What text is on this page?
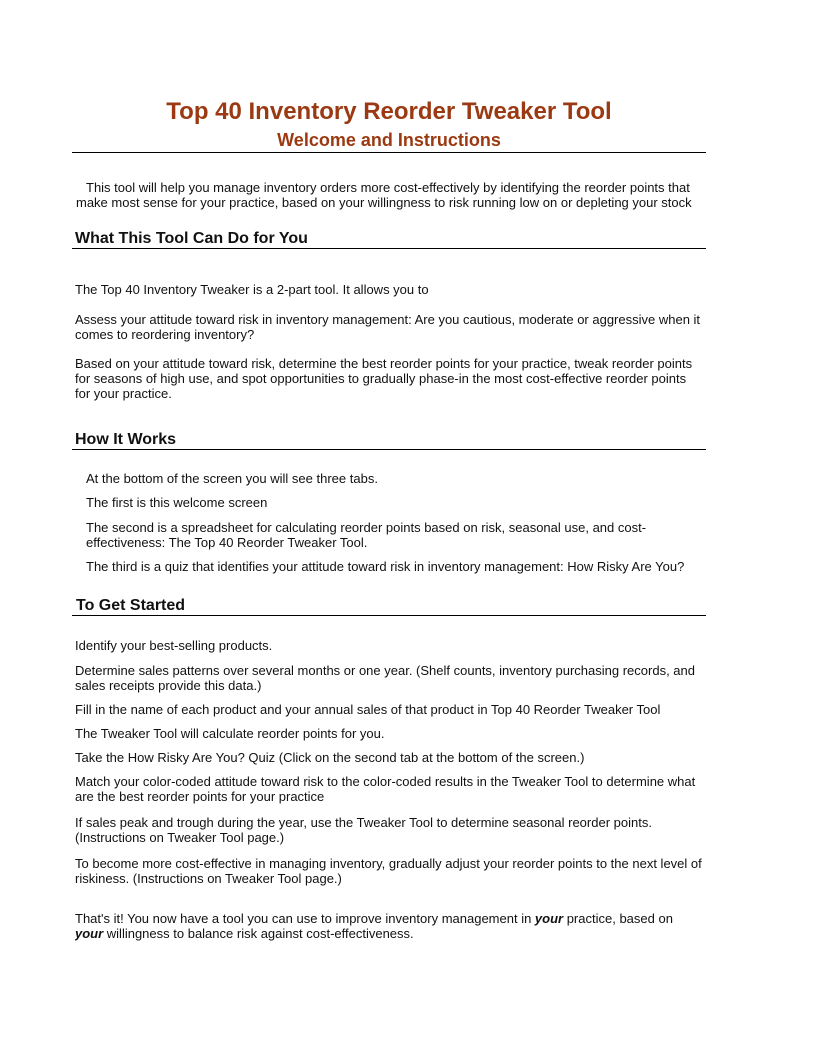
Top 40 Inventory Reorder Tweaker Tool
Welcome and Instructions
This tool will help you manage inventory orders more cost-effectively by identifying the reorder points that
make most sense for your practice, based on your willingness to risk running low on or depleting your stock
What This Tool Can Do for You

The Top 40 Inventory Tweaker is a 2-part tool. It allows you to

Assess your attitude toward risk in inventory management: Are you cautious, moderate or aggressive when it
comes to reordering inventory?
Based on your attitude toward risk, determine the best reorder points for your practice, tweak reorder points
for seasons of high use, and spot opportunities to gradually phase-in the most cost-effective reorder points
for your practice.
How It Works

At the bottom of the screen you will see three tabs.

The first is this welcome screen

The second is a spreadsheet for calculating reorder points based on risk, seasonal use, and cost-
effectiveness: The Top 40 Reorder Tweaker Tool.

The third is a quiz that identifies your attitude toward risk in inventory management: How Risky Are You?

To Get Started

Identify your best-selling products.

Determine sales patterns over several months or one year. (Shelf counts, inventory purchasing records, and
sales receipts provide this data.)

Fill in the name of each product and your annual sales of that product in Top 40 Reorder Tweaker Tool

The Tweaker Tool will calculate reorder points for you.

Take the How Risky Are You? Quiz (Click on the second tab at the bottom of the screen.)

Match your color-coded attitude toward risk to the color-coded results in the Tweaker Tool to determine what
are the best reorder points for your practice
If sales peak and trough during the year, use the Tweaker Tool to determine seasonal reorder points.
(Instructions on Tweaker Tool page.)
To become more cost-effective in managing inventory, gradually adjust your reorder points to the next level of
riskiness. (Instructions on Tweaker Tool page.)
That's it! You now have a tool you can use to improve inventory management in your practice, based on
your willingness to balance risk against cost-effectiveness.
